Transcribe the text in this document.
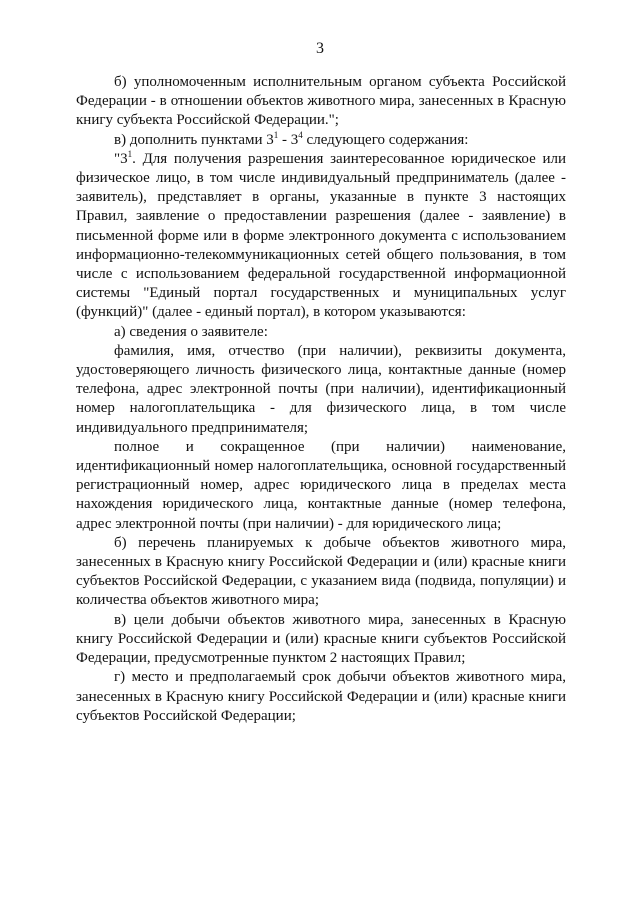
3

б) уполномоченным исполнительным органом субъекта Российской Федерации - в отношении объектов животного мира, занесенных в Красную книгу субъекта Российской Федерации.";

в) дополнить пунктами $3^1 - 3^4$ следующего содержания:

"$3^1$. Для получения разрешения заинтересованное юридическое или физическое лицо, в том числе индивидуальный предприниматель (далее - заявитель), представляет в органы, указанные в пункте 3 настоящих Правил, заявление о предоставлении разрешения (далее - заявление) в письменной форме или в форме электронного документа с использованием информационно-телекоммуникационных сетей общего пользования, в том числе с использованием федеральной государственной информационной системы "Единый портал государственных и муниципальных услуг (функций)" (далее - единый портал), в котором указываются:

а) сведения о заявителе:

фамилия, имя, отчество (при наличии), реквизиты документа, удостоверяющего личность физического лица, контактные данные (номер телефона, адрес электронной почты (при наличии), идентификационный номер налогоплательщика - для физического лица, в том числе индивидуального предпринимателя;

полное и сокращенное (при наличии) наименование, идентификационный номер налогоплательщика, основной государственный регистрационный номер, адрес юридического лица в пределах места нахождения юридического лица, контактные данные (номер телефона, адрес электронной почты (при наличии) - для юридического лица;

б) перечень планируемых к добыче объектов животного мира, занесенных в Красную книгу Российской Федерации и (или) красные книги субъектов Российской Федерации, с указанием вида (подвида, популяции) и количества объектов животного мира;

в) цели добычи объектов животного мира, занесенных в Красную книгу Российской Федерации и (или) красные книги субъектов Российской Федерации, предусмотренные пунктом 2 настоящих Правил;

г) место и предполагаемый срок добычи объектов животного мира, занесенных в Красную книгу Российской Федерации и (или) красные книги субъектов Российской Федерации;
